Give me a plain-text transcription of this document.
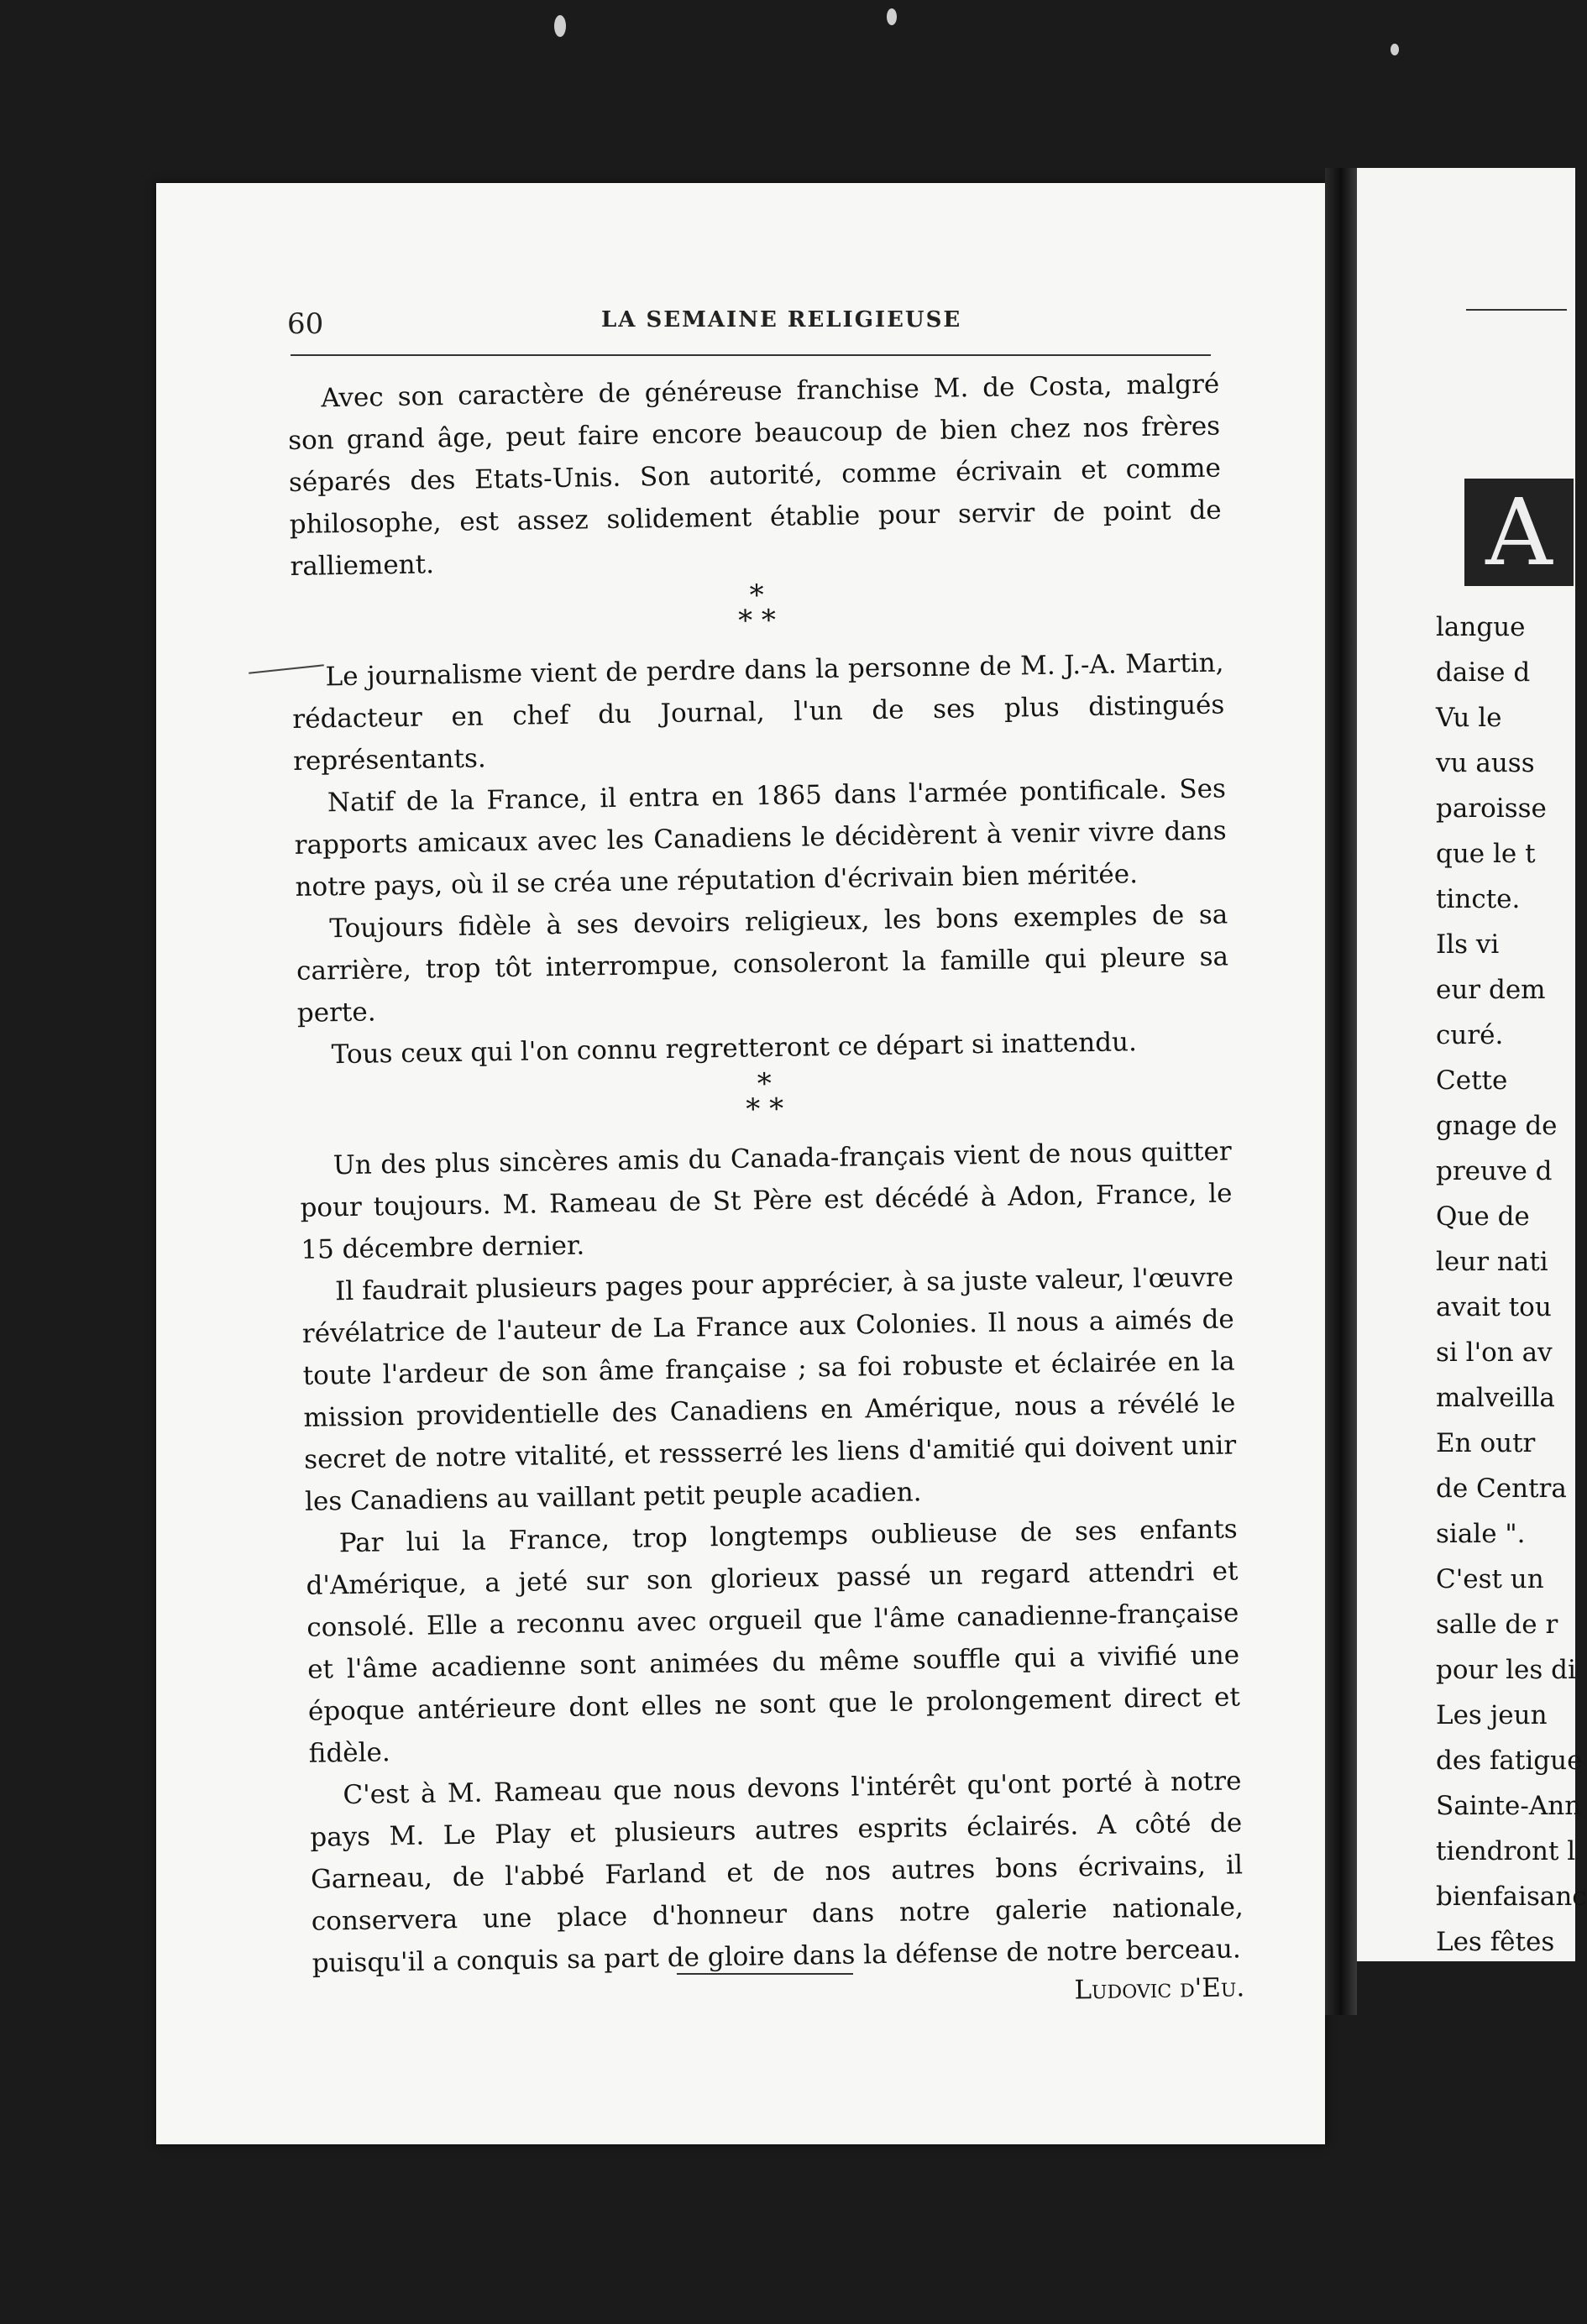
60	LA SEMAINE RELIGIEUSE

Avec son caractère de généreuse franchise M. de Costa, malgré son grand âge, peut faire encore beaucoup de bien chez nos frères séparés des Etats-Unis. Son autorité, comme écrivain et comme philosophe, est assez solidement établie pour servir de point de ralliement.

*
* *

Le journalisme vient de perdre dans la personne de M. J.-A. Martin, rédacteur en chef du Journal, l'un de ses plus distingués représentants.

Natif de la France, il entra en 1865 dans l'armée pontificale. Ses rapports amicaux avec les Canadiens le décidèrent à venir vivre dans notre pays, où il se créa une réputation d'écrivain bien méritée.

Toujours fidèle à ses devoirs religieux, les bons exemples de sa carrière, trop tôt interrompue, consoleront la famille qui pleure sa perte.

Tous ceux qui l'on connu regretteront ce départ si inattendu.

*
* *

Un des plus sincères amis du Canada-français vient de nous quitter pour toujours. M. Rameau de St Père est décédé à Adon, France, le 15 décembre dernier.

Il faudrait plusieurs pages pour apprécier, à sa juste valeur, l'œuvre révélatrice de l'auteur de La France aux Colonies. Il nous a aimés de toute l'ardeur de son âme française ; sa foi robuste et éclairée en la mission providentielle des Canadiens en Amérique, nous a révélé le secret de notre vitalité, et ressserré les liens d'amitié qui doivent unir les Canadiens au vaillant petit peuple acadien.

Par lui la France, trop longtemps oublieuse de ses enfants d'Amérique, a jeté sur son glorieux passé un regard attendri et consolé. Elle a reconnu avec orgueil que l'âme canadienne-française et l'âme acadienne sont animées du même souffle qui a vivifié une époque antérieure dont elles ne sont que le prolongement direct et fidèle.

C'est à M. Rameau que nous devons l'intérêt qu'ont porté à notre pays M. Le Play et plusieurs autres esprits éclairés. A côté de Garneau, de l'abbé Farland et de nos autres bons écrivains, il conservera une place d'honneur dans notre galerie nationale, puisqu'il a conquis sa part de gloire dans la défense de notre berceau.

Ludovic d'Eu.
A
langue
daise d
Vu le
vu auss
paroisse
que le t
tincte.
Ils vi
eur dem
curé.
Cette
gnage de
preuve d
Que de
leur nati
avait tou
si l'on av
malveilla
En outr
de Centra
siale ".
C'est un
salle de r
pour les di
Les jeun
des fatigue
Sainte-Ann
tiendront l
bienfaisanc
Les fêtes
